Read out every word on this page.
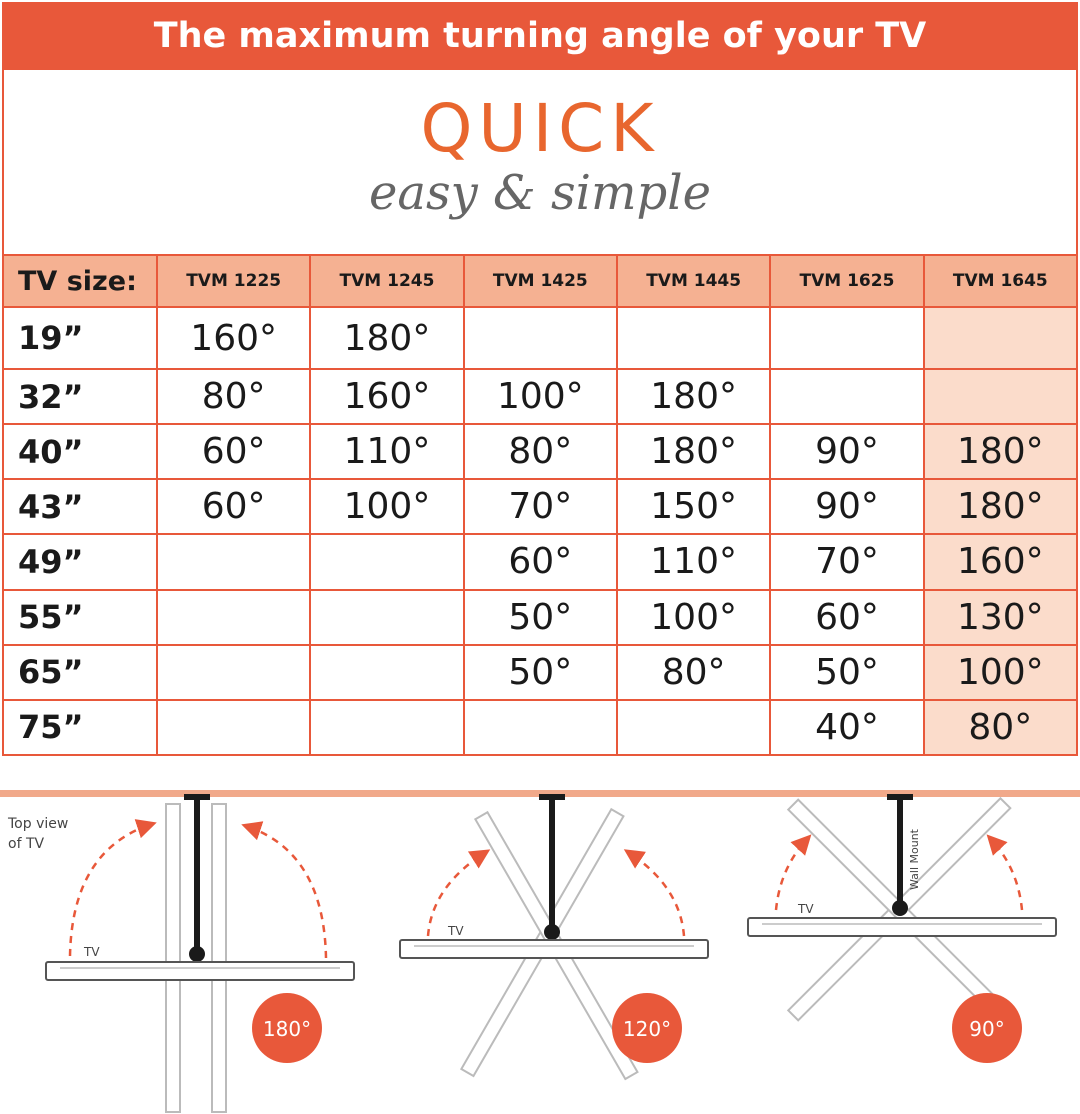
The maximum turning angle of your TV
QUICK
easy & simple
TV size:	TVM 1225	TVM 1245	TVM 1425	TVM 1445	TVM 1625	TVM 1645
19”	160°	180°				
32”	80°	160°	100°	180°		
40”	60°	110°	80°	180°	90°	180°
43”	60°	100°	70°	150°	90°	180°
49”			60°	110°	70°	160°
55”			50°	100°	60°	130°
65”			50°	80°	50°	100°
75”					40°	80°
TV
180°
TV
120°
Wall Mount
TV
90°
Top view
of TV
